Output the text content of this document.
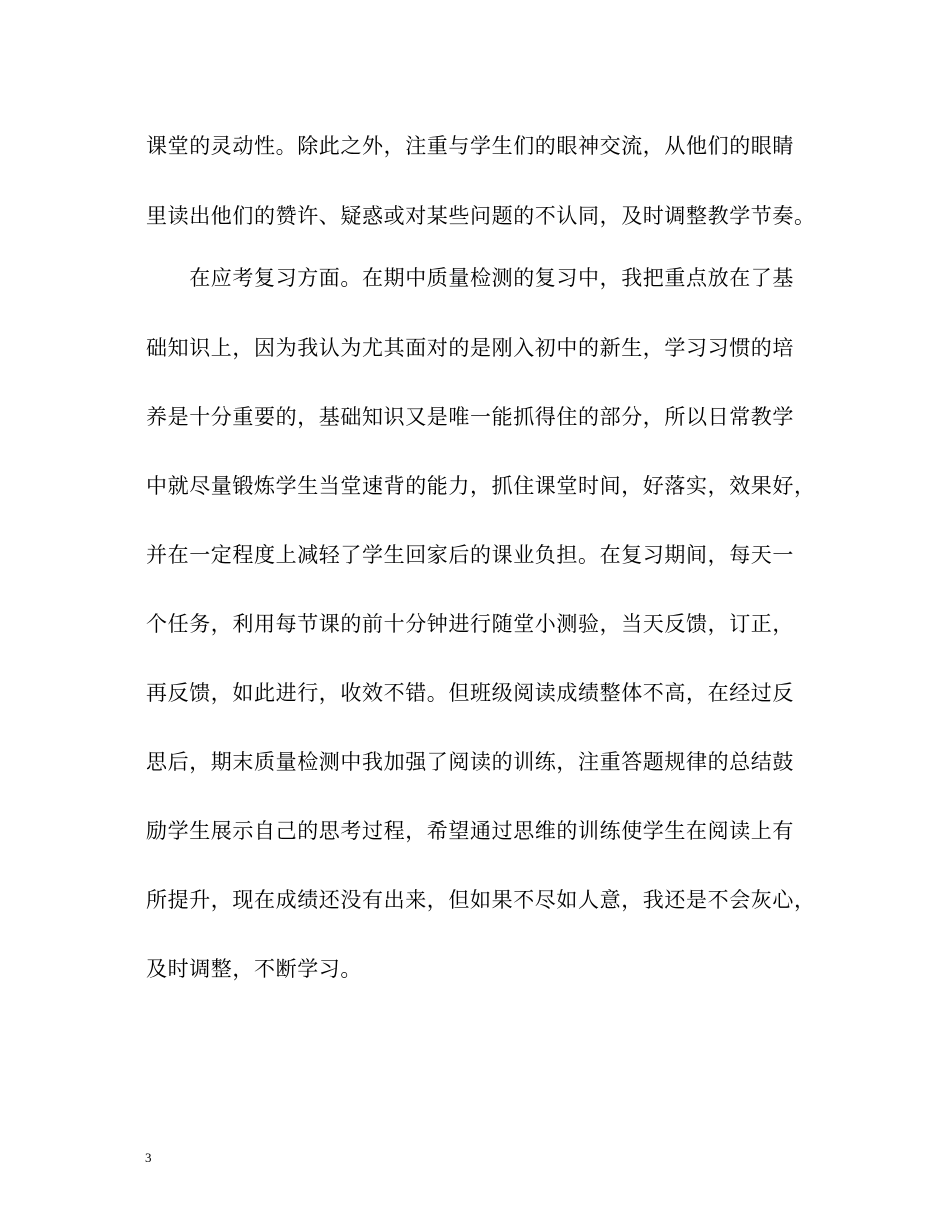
课堂的灵动性。除此之外，注重与学生们的眼神交流，从他们的眼睛
里读出他们的赞许、疑惑或对某些问题的不认同，及时调整教学节奏。
　　在应考复习方面。在期中质量检测的复习中，我把重点放在了基
础知识上，因为我认为尤其面对的是刚入初中的新生，学习习惯的培
养是十分重要的，基础知识又是唯一能抓得住的部分，所以日常教学
中就尽量锻炼学生当堂速背的能力，抓住课堂时间，好落实，效果好，
并在一定程度上减轻了学生回家后的课业负担。在复习期间，每天一
个任务，利用每节课的前十分钟进行随堂小测验，当天反馈，订正，
再反馈，如此进行，收效不错。但班级阅读成绩整体不高，在经过反
思后，期末质量检测中我加强了阅读的训练，注重答题规律的总结鼓
励学生展示自己的思考过程，希望通过思维的训练使学生在阅读上有
所提升，现在成绩还没有出来，但如果不尽如人意，我还是不会灰心，
及时调整，不断学习。
3
